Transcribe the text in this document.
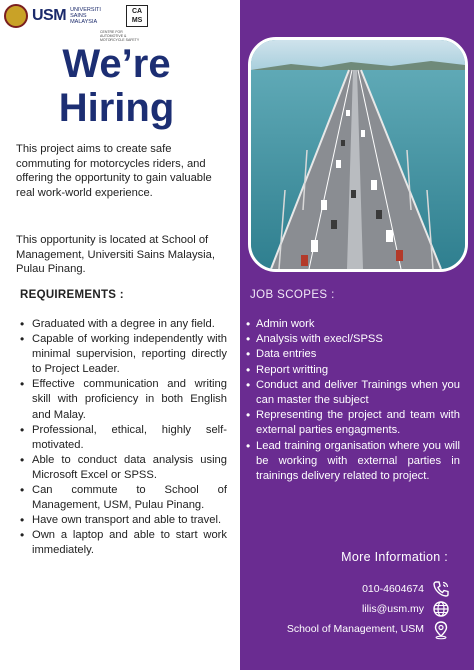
USM UNIVERSITI SAINS MALAYSIA
CA MS
CENTRE FOR AUTOMOTIVE & MOTORCYCLE SAFETY
We’re
Hiring

This project aims to create safe commuting for motorcycles riders, and offering the opportunity to gain valuable real work-world experience.

This opportunity is located at School of Management, Universiti Sains Malaysia, Pulau Pinang.

REQUIREMENTS :
• Graduated with a degree in any field.
• Capable of working independently with minimal supervision, reporting directly to Project Leader.
• Effective communication and writing skill with proficiency in both English and Malay.
• Professional, ethical, highly self-motivated.
• Able to conduct data analysis using Microsoft Excel or SPSS.
• Can commute to School of Management, USM, Pulau Pinang.
• Have own transport and able to travel.
• Own a laptop and able to start work immediately.
JOB SCOPES :
• Admin work
• Analysis with execl/SPSS
• Data entries
• Report writting
• Conduct and deliver Trainings when you can master the subject
• Representing the project and team with external parties engagments.
• Lead training organisation where you will be working with external parties in trainings delivery related to project.
More Information :
010-4604674
lilis@usm.my
School of Management, USM
